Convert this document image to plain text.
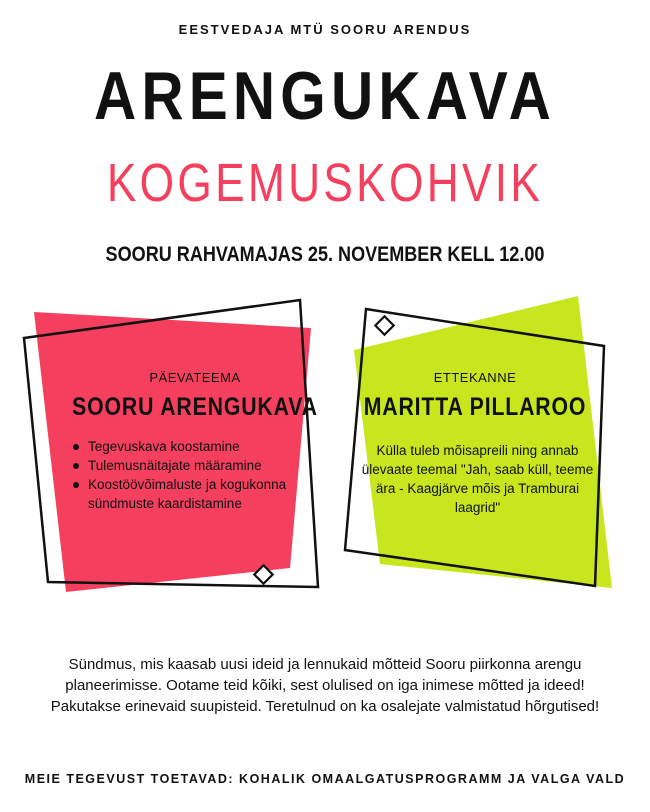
EESTVEDAJA MTÜ SOORU ARENDUS
ARENGUKAVA
KOGEMUSKOHVIK
SOORU RAHVAMAJAS 25. NOVEMBER KELL 12.00
PÄEVATEEMA
SOORU ARENGUKAVA
Tegevuskava koostamine
Tulemusnäitajate määramine
Koostöövõimaluste ja kogukonna sündmuste kaardistamine
ETTEKANNE
MARITTA PILLAROO
Külla tuleb mõisapreili ning annab ülevaate teemal "Jah, saab küll, teeme ära - Kaagjärve mõis ja Tramburai laagrid"
Sündmus, mis kaasab uusi ideid ja lennukaid mõtteid Sooru piirkonna arengu planeerimisse. Ootame teid kõiki, sest olulised on iga inimese mõtted ja ideed! Pakutakse erinevaid suupisteid. Teretulnud on ka osalejate valmistatud hõrgutised!
MEIE TEGEVUST TOETAVAD: KOHALIK OMAALGATUSPROGRAMM JA VALGA VALD
